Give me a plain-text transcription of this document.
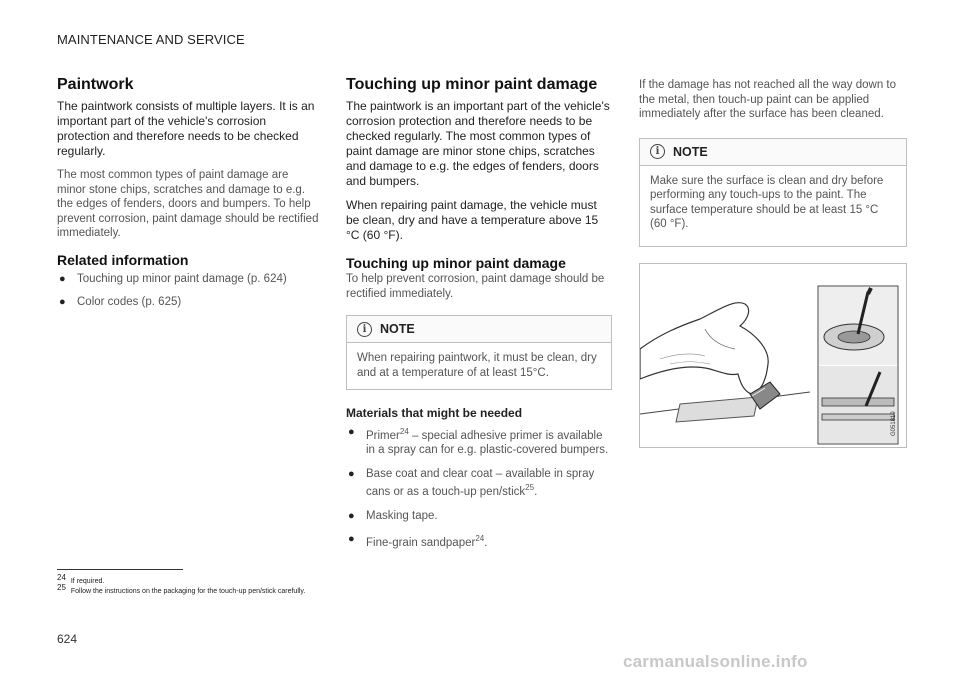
MAINTENANCE AND SERVICE
Paintwork

The paintwork consists of multiple layers. It is an important part of the vehicle's corrosion protection and therefore needs to be checked regularly.

The most common types of paint damage are minor stone chips, scratches and damage to e.g. the edges of fenders, doors and bumpers. To help prevent corrosion, paint damage should be rectified immediately.

Related information
● Touching up minor paint damage (p. 624)
● Color codes (p. 625)
Touching up minor paint damage

The paintwork is an important part of the vehicle's corrosion protection and therefore needs to be checked regularly. The most common types of paint damage are minor stone chips, scratches and damage to e.g. the edges of fenders, doors and bumpers.

When repairing paint damage, the vehicle must be clean, dry and have a temperature above 15 °C (60 °F).

Touching up minor paint damage

To help prevent corrosion, paint damage should be rectified immediately.

i	NOTE
When repairing paintwork, it must be clean, dry and at a temperature of at least 15°C.
Materials that might be needed
● Primer$^{24}$ – special adhesive primer is available in a spray can for e.g. plastic-covered bumpers.
● Base coat and clear coat – available in spray cans or as a touch-up pen/stick$^{25}$.
● Masking tape.
● Fine-grain sandpaper$^{24}$.

If the damage has not reached all the way down to the metal, then touch-up paint can be applied immediately after the surface has been cleaned.

i	NOTE
Make sure the surface is clean and dry before performing any touch-ups to the paint. The surface temperature should be at least 15 °C (60 °F).
G051819
$^{24}$ If required.
$^{25}$ Follow the instructions on the packaging for the touch-up pen/stick carefully.
624
carmanualsonline.info
